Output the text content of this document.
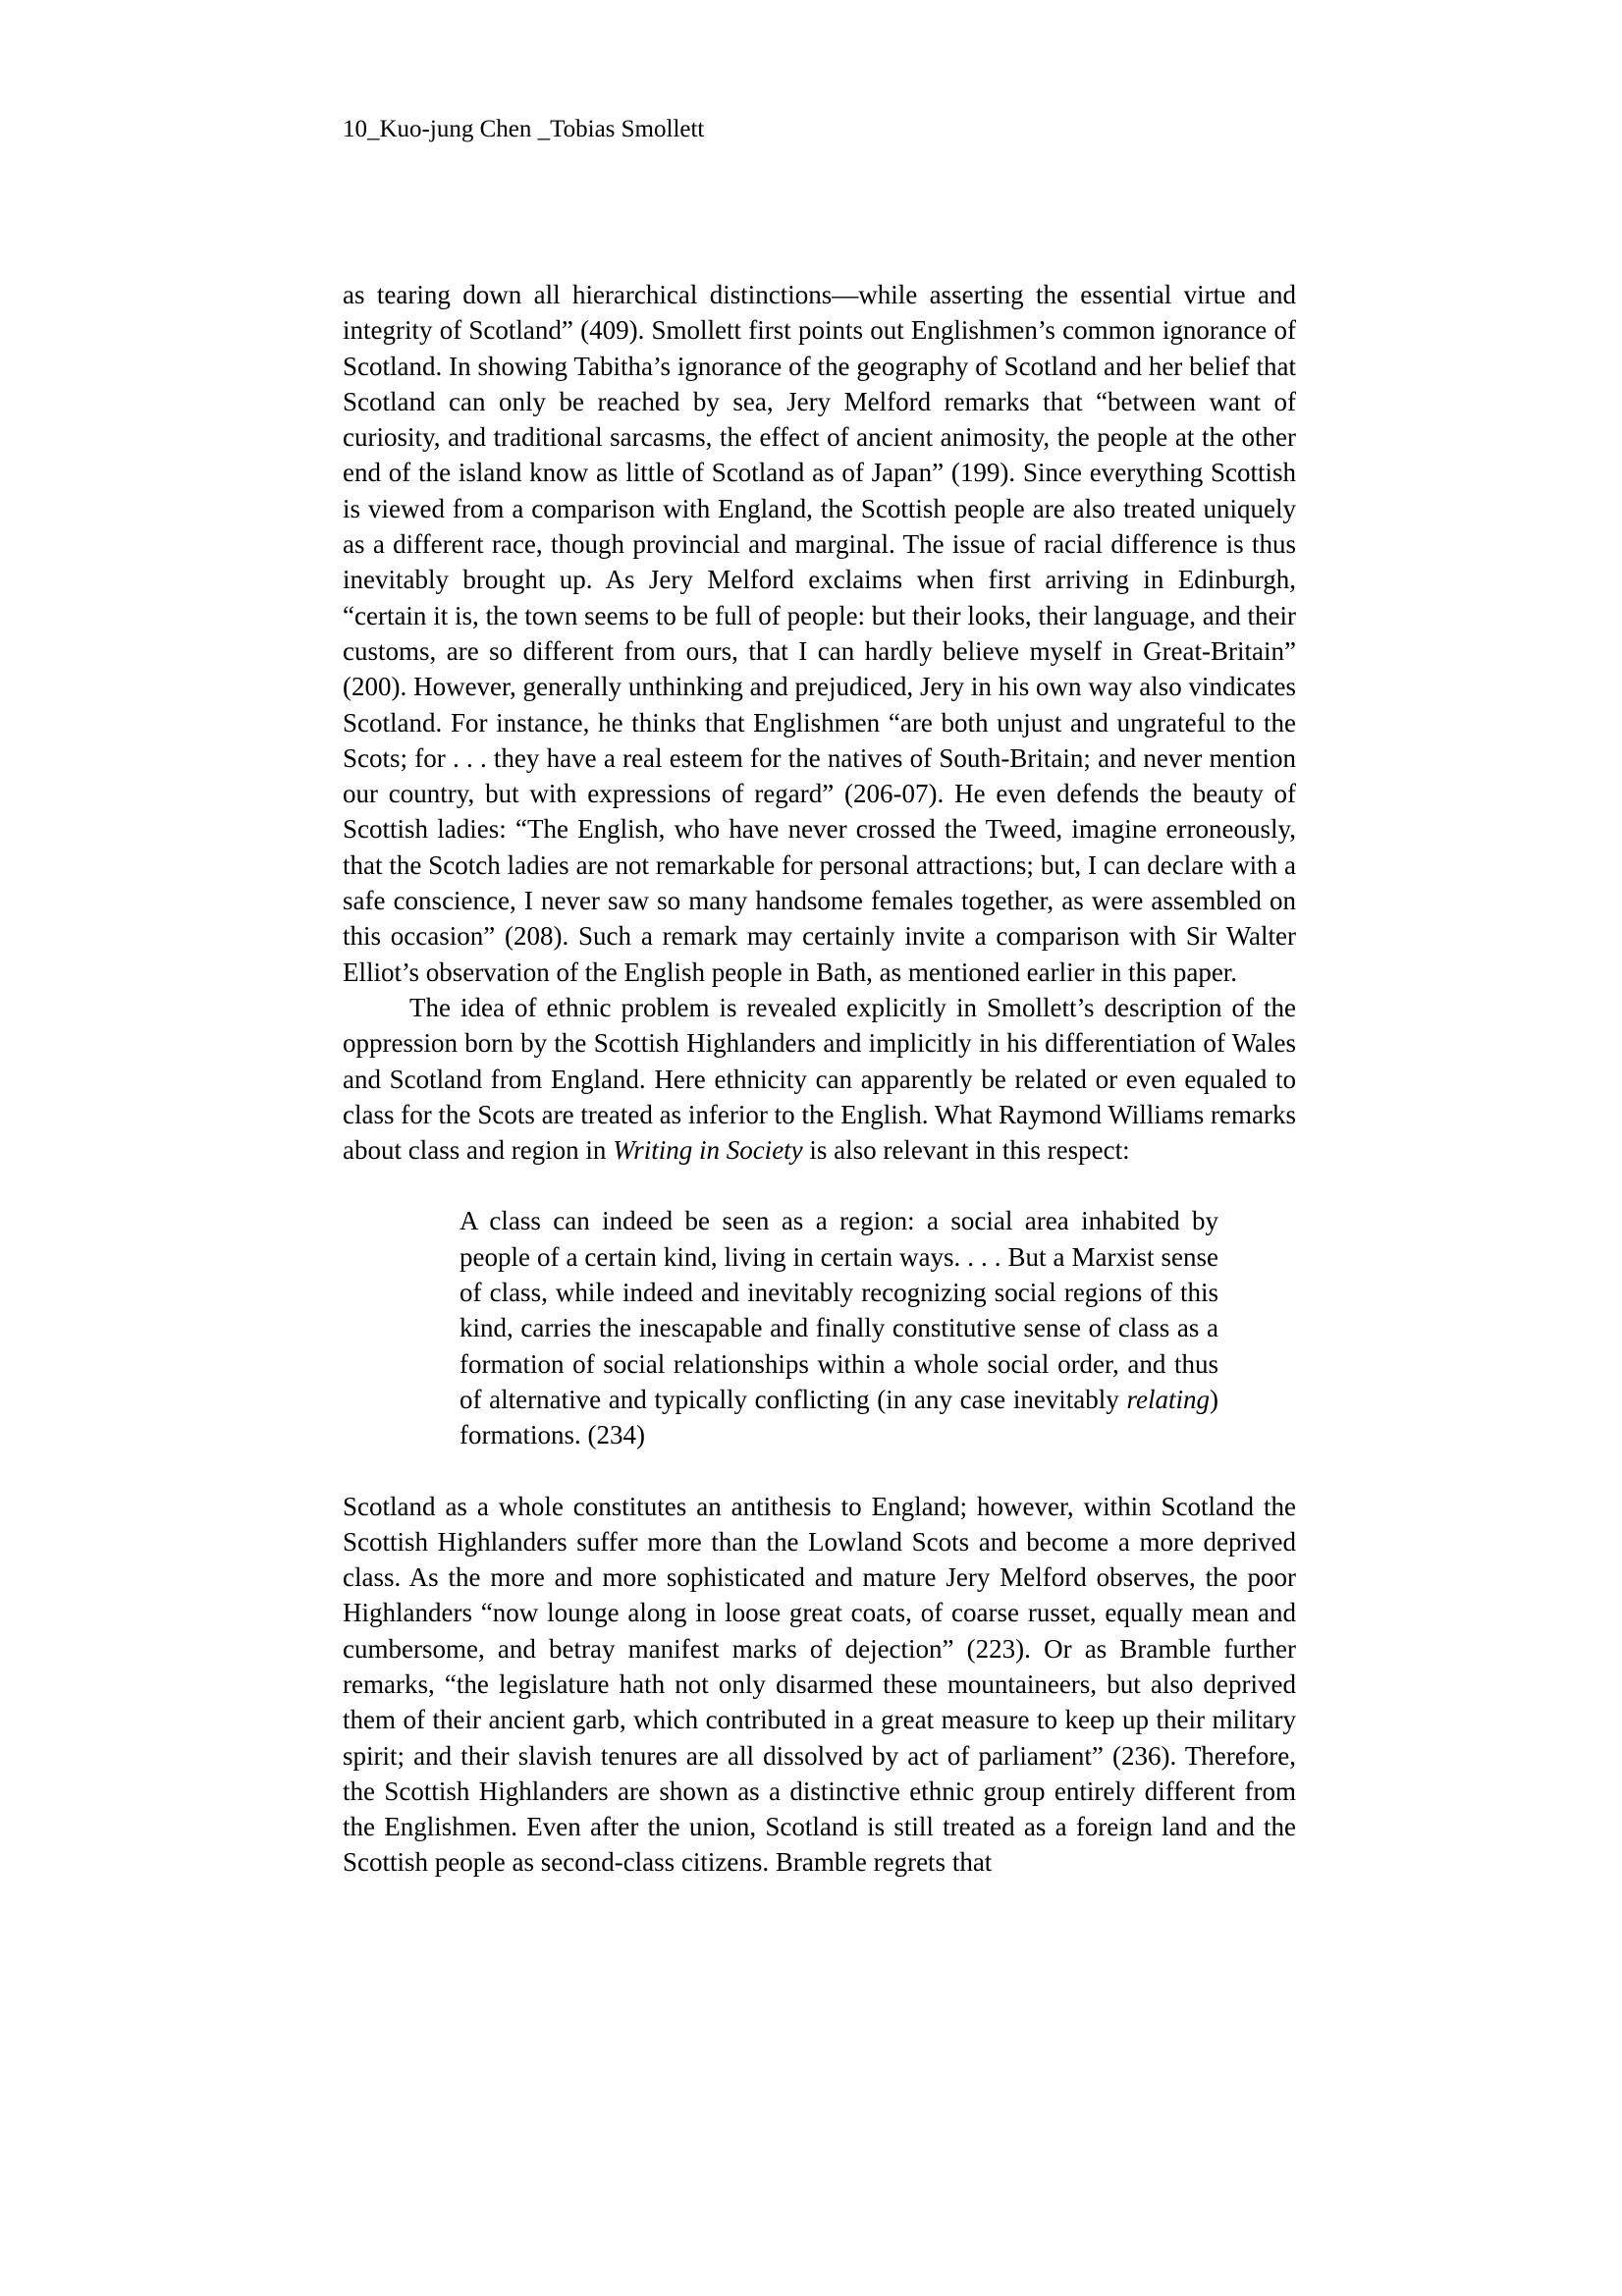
10_Kuo-jung Chen _Tobias Smollett

as tearing down all hierarchical distinctions—while asserting the essential virtue and integrity of Scotland” (409). Smollett first points out Englishmen’s common ignorance of Scotland. In showing Tabitha’s ignorance of the geography of Scotland and her belief that Scotland can only be reached by sea, Jery Melford remarks that “between want of curiosity, and traditional sarcasms, the effect of ancient animosity, the people at the other end of the island know as little of Scotland as of Japan” (199). Since everything Scottish is viewed from a comparison with England, the Scottish people are also treated uniquely as a different race, though provincial and marginal. The issue of racial difference is thus inevitably brought up. As Jery Melford exclaims when first arriving in Edinburgh, “certain it is, the town seems to be full of people: but their looks, their language, and their customs, are so different from ours, that I can hardly believe myself in Great-Britain” (200). However, generally unthinking and prejudiced, Jery in his own way also vindicates Scotland. For instance, he thinks that Englishmen “are both unjust and ungrateful to the Scots; for . . . they have a real esteem for the natives of South-Britain; and never mention our country, but with expressions of regard” (206-07). He even defends the beauty of Scottish ladies: “The English, who have never crossed the Tweed, imagine erroneously, that the Scotch ladies are not remarkable for personal attractions; but, I can declare with a safe conscience, I never saw so many handsome females together, as were assembled on this occasion” (208). Such a remark may certainly invite a comparison with Sir Walter Elliot’s observation of the English people in Bath, as mentioned earlier in this paper.

The idea of ethnic problem is revealed explicitly in Smollett’s description of the oppression born by the Scottish Highlanders and implicitly in his differentiation of Wales and Scotland from England. Here ethnicity can apparently be related or even equaled to class for the Scots are treated as inferior to the English. What Raymond Williams remarks about class and region in Writing in Society is also relevant in this respect:

A class can indeed be seen as a region: a social area inhabited by people of a certain kind, living in certain ways. . . . But a Marxist sense of class, while indeed and inevitably recognizing social regions of this kind, carries the inescapable and finally constitutive sense of class as a formation of social relationships within a whole social order, and thus of alternative and typically conflicting (in any case inevitably relating) formations. (234)

Scotland as a whole constitutes an antithesis to England; however, within Scotland the Scottish Highlanders suffer more than the Lowland Scots and become a more deprived class. As the more and more sophisticated and mature Jery Melford observes, the poor Highlanders “now lounge along in loose great coats, of coarse russet, equally mean and cumbersome, and betray manifest marks of dejection” (223). Or as Bramble further remarks, “the legislature hath not only disarmed these mountaineers, but also deprived them of their ancient garb, which contributed in a great measure to keep up their military spirit; and their slavish tenures are all dissolved by act of parliament” (236). Therefore, the Scottish Highlanders are shown as a distinctive ethnic group entirely different from the Englishmen. Even after the union, Scotland is still treated as a foreign land and the Scottish people as second-class citizens. Bramble regrets that
